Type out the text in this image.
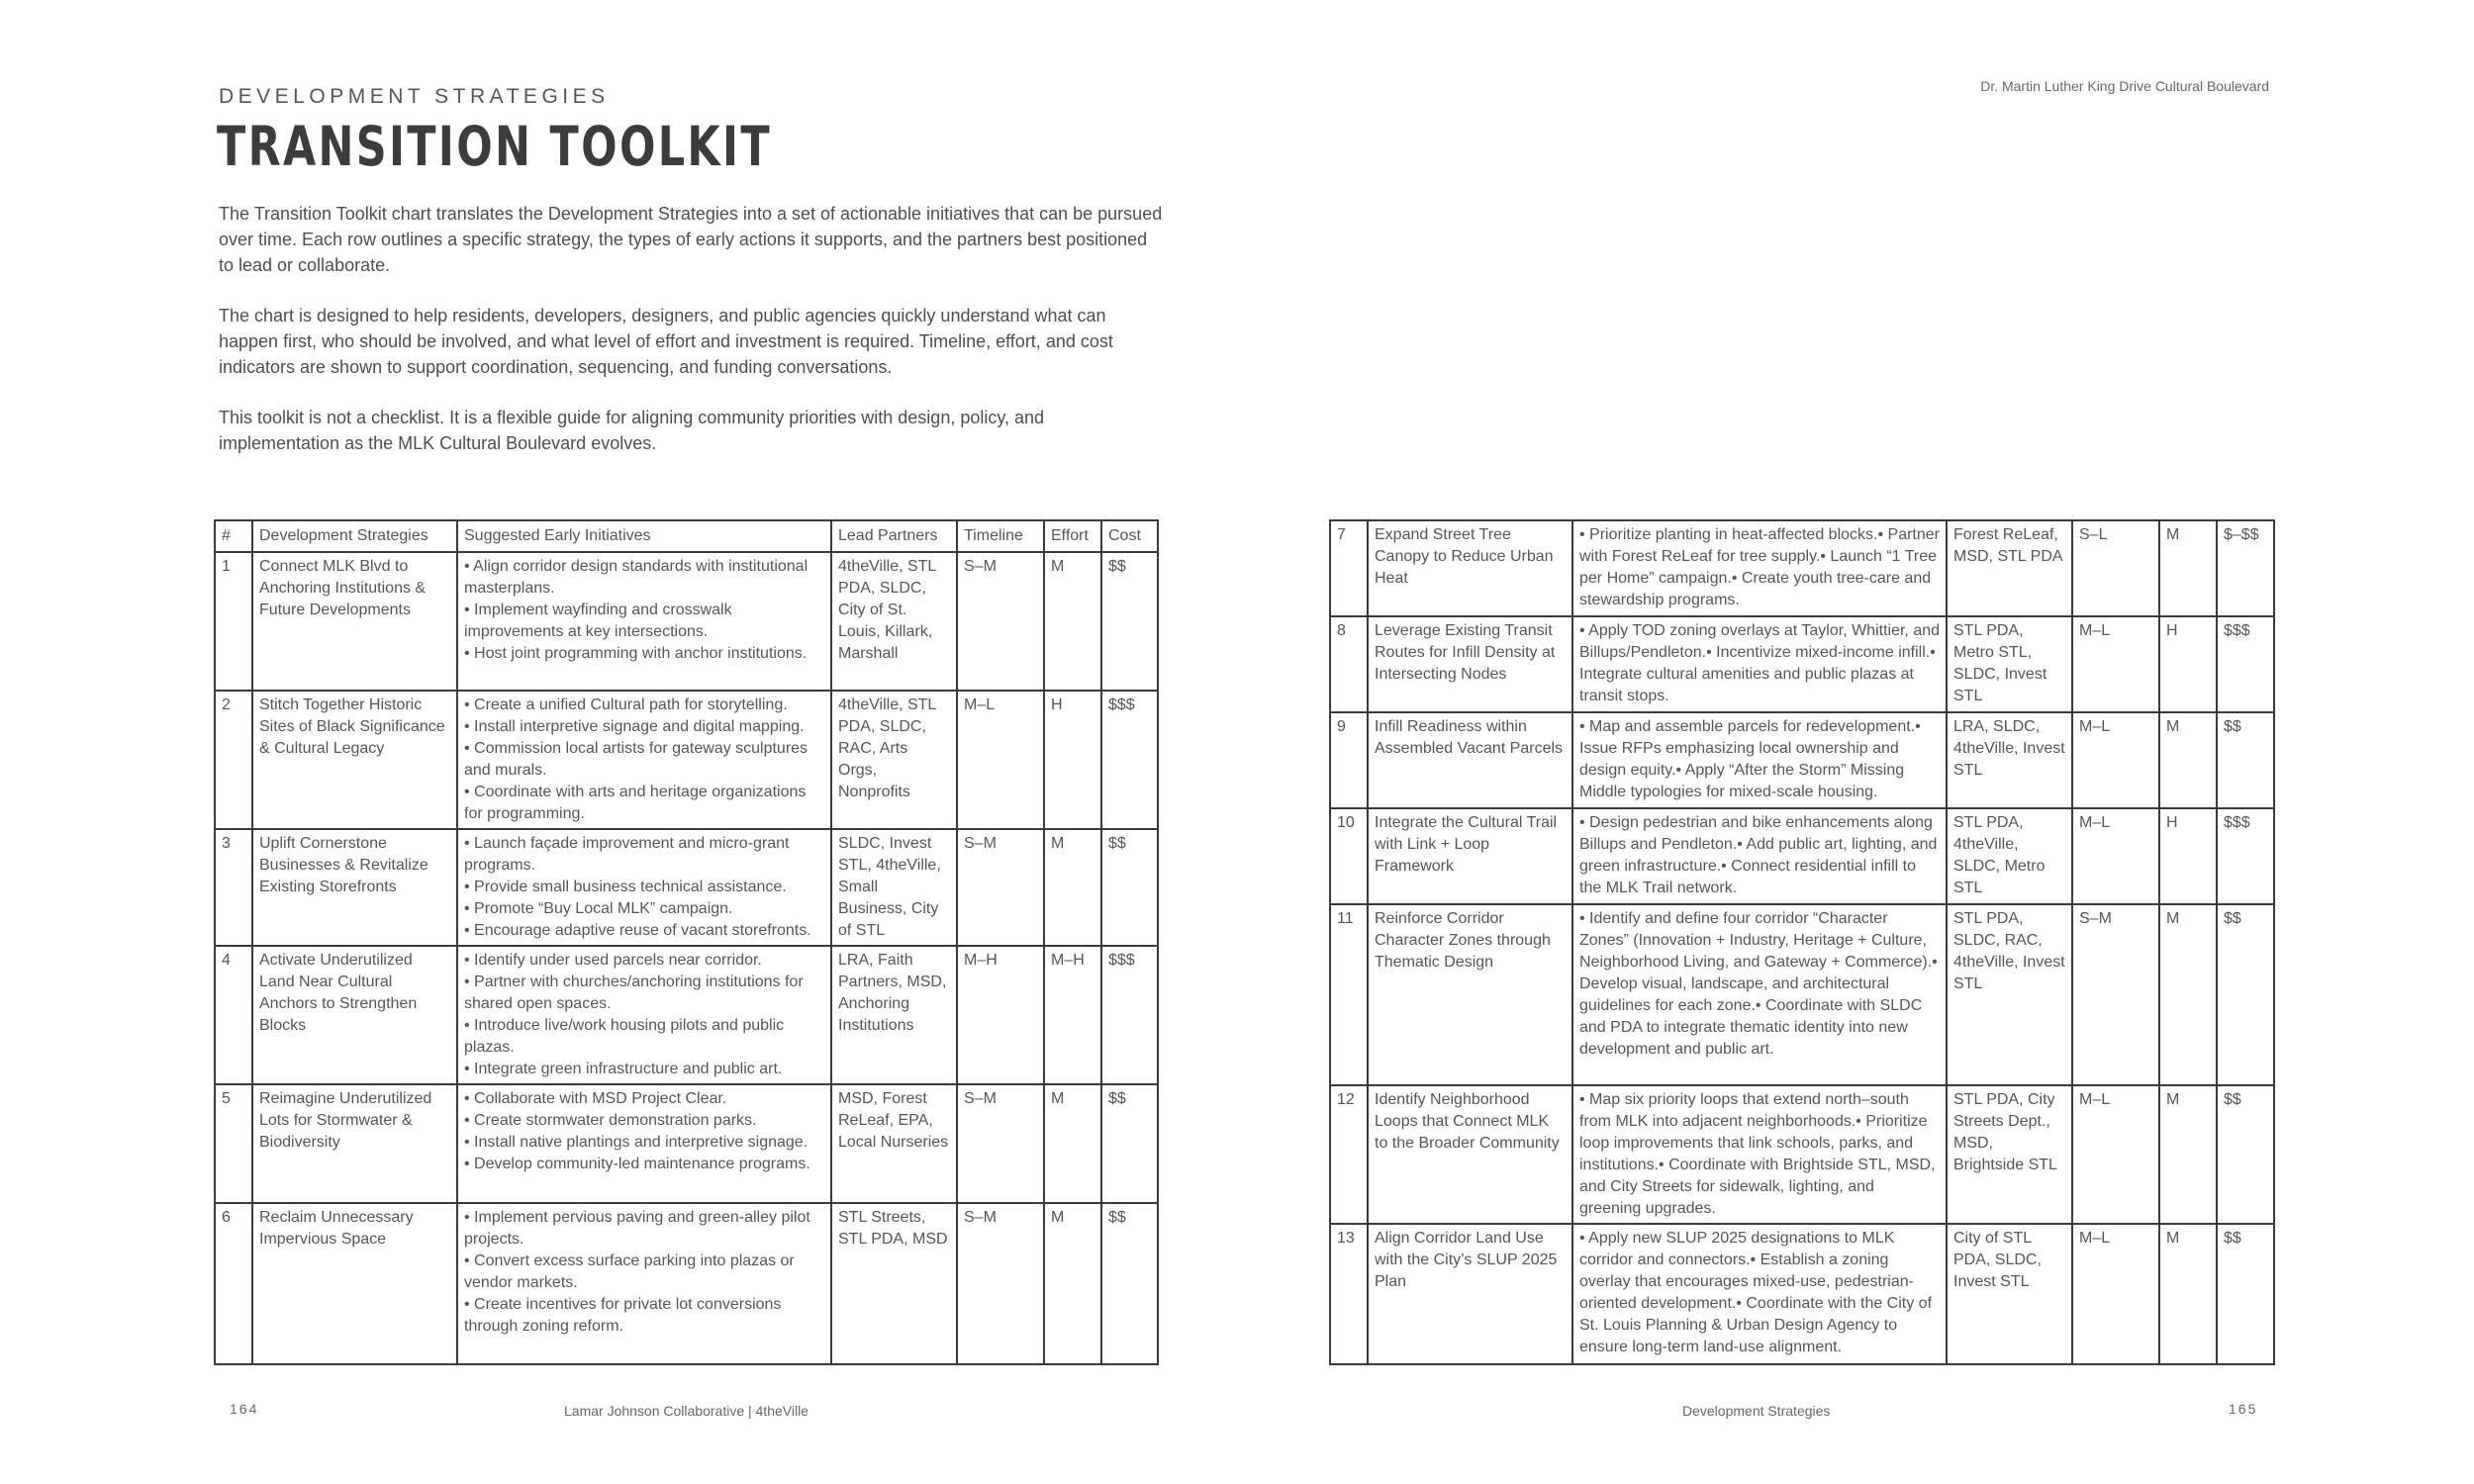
DEVELOPMENT STRATEGIES
TRANSITION TOOLKIT
Dr. Martin Luther King Drive Cultural Boulevard

The Transition Toolkit chart translates the Development Strategies into a set of actionable initiatives that can be pursued over time. Each row outlines a specific strategy, the types of early actions it supports, and the partners best positioned to lead or collaborate.

The chart is designed to help residents, developers, designers, and public agencies quickly understand what can happen first, who should be involved, and what level of effort and investment is required. Timeline, effort, and cost indicators are shown to support coordination, sequencing, and funding conversations.

This toolkit is not a checklist. It is a flexible guide for aligning community priorities with design, policy, and implementation as the MLK Cultural Boulevard evolves.

#	Development Strategies	Suggested Early Initiatives	Lead Partners	Timeline	Effort	Cost
1	Connect MLK Blvd to Anchoring Institutions & Future Developments	• Align corridor design standards with institutional masterplans.
• Implement wayfinding and crosswalk improvements at key intersections.
• Host joint programming with anchor institutions.	4theVille, STL PDA, SLDC, City of St. Louis, Killark, Marshall	S–M	M	$$
2	Stitch Together Historic Sites of Black Significance & Cultural Legacy	• Create a unified Cultural path for storytelling.
• Install interpretive signage and digital mapping.
• Commission local artists for gateway sculptures and murals.
• Coordinate with arts and heritage organizations for programming.	4theVille, STL PDA, SLDC, RAC, Arts Orgs, Nonprofits	M–L	H	$$$
3	Uplift Cornerstone Businesses & Revitalize Existing Storefronts	• Launch façade improvement and micro-grant programs.
• Provide small business technical assistance.
• Promote “Buy Local MLK” campaign.
• Encourage adaptive reuse of vacant storefronts.	SLDC, Invest STL, 4theVille, Small Business, City of STL	S–M	M	$$
4	Activate Underutilized Land Near Cultural Anchors to Strengthen Blocks	• Identify under used parcels near corridor.
• Partner with churches/anchoring institutions for shared open spaces.
• Introduce live/work housing pilots and public plazas.
• Integrate green infrastructure and public art.	LRA, Faith Partners, MSD, Anchoring Institutions	M–H	M–H	$$$
5	Reimagine Underutilized Lots for Stormwater & Biodiversity	• Collaborate with MSD Project Clear.
• Create stormwater demonstration parks.
• Install native plantings and interpretive signage.
• Develop community-led maintenance programs.	MSD, Forest ReLeaf, EPA, Local Nurseries	S–M	M	$$
6	Reclaim Unnecessary Impervious Space	• Implement pervious paving and green-alley pilot projects.
• Convert excess surface parking into plazas or vendor markets.
• Create incentives for private lot conversions through zoning reform.	STL Streets, STL PDA, MSD	S–M	M	$$
7	Expand Street Tree Canopy to Reduce Urban Heat	• Prioritize planting in heat-affected blocks.• Partner with Forest ReLeaf for tree supply.• Launch “1 Tree per Home” campaign.• Create youth tree-care and stewardship programs.	Forest ReLeaf, MSD, STL PDA	S–L	M	$–$$
8	Leverage Existing Transit Routes for Infill Density at Intersecting Nodes	• Apply TOD zoning overlays at Taylor, Whittier, and Billups/Pendleton.• Incentivize mixed-income infill.• Integrate cultural amenities and public plazas at transit stops.	STL PDA, Metro STL, SLDC, Invest STL	M–L	H	$$$
9	Infill Readiness within Assembled Vacant Parcels	• Map and assemble parcels for redevelopment.• Issue RFPs emphasizing local ownership and design equity.• Apply “After the Storm” Missing Middle typologies for mixed-scale housing.	LRA, SLDC, 4theVille, Invest STL	M–L	M	$$
10	Integrate the Cultural Trail with Link + Loop Framework	• Design pedestrian and bike enhancements along Billups and Pendleton.• Add public art, lighting, and green infrastructure.• Connect residential infill to the MLK Trail network.	STL PDA, 4theVille, SLDC, Metro STL	M–L	H	$$$
11	Reinforce Corridor Character Zones through Thematic Design	• Identify and define four corridor “Character Zones” (Innovation + Industry, Heritage + Culture, Neighborhood Living, and Gateway + Commerce).• Develop visual, landscape, and architectural guidelines for each zone.• Coordinate with SLDC and PDA to integrate thematic identity into new development and public art.	STL PDA, SLDC, RAC, 4theVille, Invest STL	S–M	M	$$
12	Identify Neighborhood Loops that Connect MLK to the Broader Community	• Map six priority loops that extend north–south from MLK into adjacent neighborhoods.• Prioritize loop improvements that link schools, parks, and institutions.• Coordinate with Brightside STL, MSD, and City Streets for sidewalk, lighting, and greening upgrades.	STL PDA, City Streets Dept., MSD, Brightside STL	M–L	M	$$
13	Align Corridor Land Use with the City’s SLUP 2025 Plan	• Apply new SLUP 2025 designations to MLK corridor and connectors.• Establish a zoning overlay that encourages mixed-use, pedestrian-oriented development.• Coordinate with the City of St. Louis Planning & Urban Design Agency to ensure long-term land-use alignment.	City of STL PDA, SLDC, Invest STL	M–L	M	$$
164	Lamar Johnson Collaborative | 4theVille	Development Strategies	165
